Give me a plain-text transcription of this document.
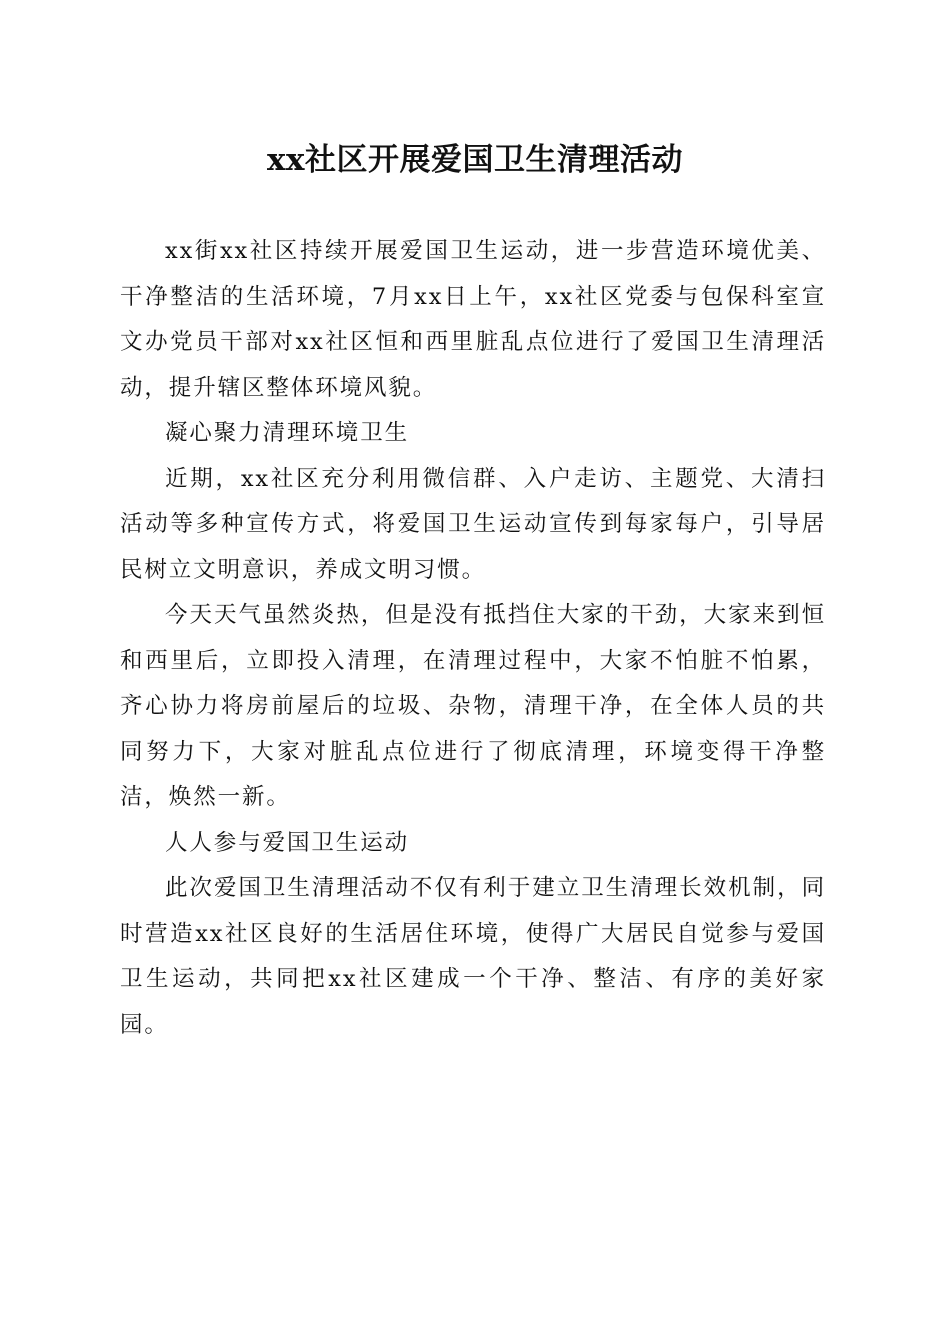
xx社区开展爱国卫生清理活动

xx街xx社区持续开展爱国卫生运动，进一步营造环境优美、干净整洁的生活环境，7月xx日上午，xx社区党委与包保科室宣文办党员干部对xx社区恒和西里脏乱点位进行了爱国卫生清理活动，提升辖区整体环境风貌。

凝心聚力清理环境卫生

近期，xx社区充分利用微信群、入户走访、主题党、大清扫活动等多种宣传方式，将爱国卫生运动宣传到每家每户，引导居民树立文明意识，养成文明习惯。

今天天气虽然炎热，但是没有抵挡住大家的干劲，大家来到恒和西里后，立即投入清理，在清理过程中，大家不怕脏不怕累，齐心协力将房前屋后的垃圾、杂物，清理干净，在全体人员的共同努力下，大家对脏乱点位进行了彻底清理，环境变得干净整洁，焕然一新。

人人参与爱国卫生运动

此次爱国卫生清理活动不仅有利于建立卫生清理长效机制，同时营造xx社区良好的生活居住环境，使得广大居民自觉参与爱国卫生运动，共同把xx社区建成一个干净、整洁、有序的美好家园。
